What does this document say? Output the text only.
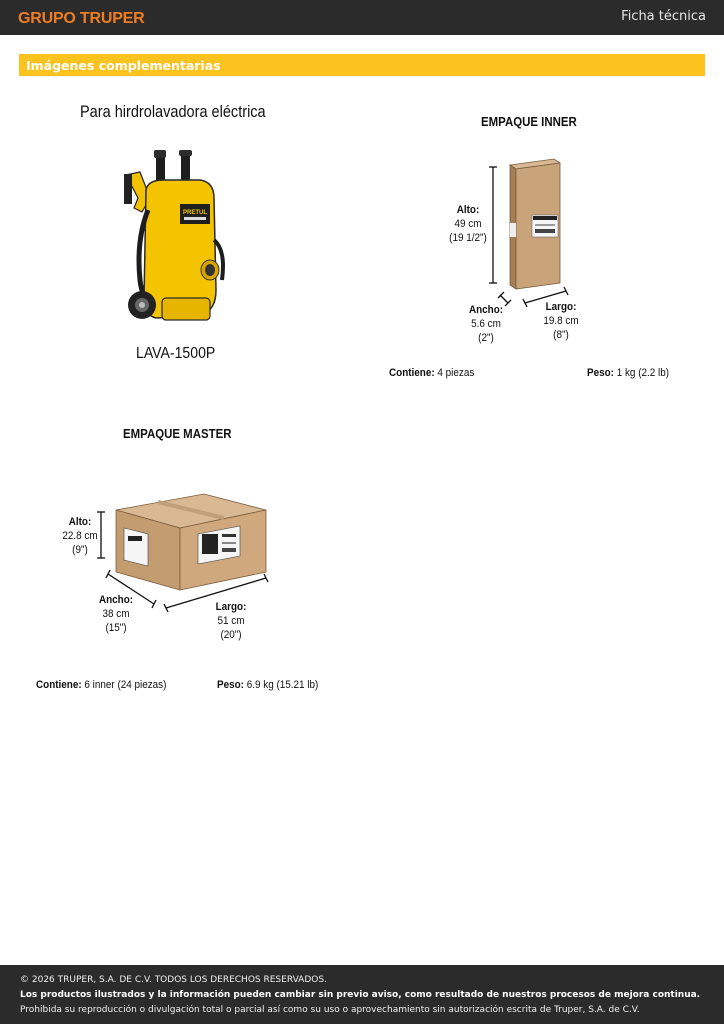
GRUPO TRUPER	Ficha técnica
Imágenes complementarias
Para hirdrolavadora eléctrica
PRETUL
LAVA-1500P
EMPAQUE INNER
Alto:
49 cm
(19 1/2")
Ancho:
5.6 cm
(2")
Largo:
19.8 cm
(8")
Contiene: 4 piezas	Peso: 1 kg (2.2 lb)
EMPAQUE MASTER
Alto:
22.8 cm
(9")
Ancho:
38 cm
(15")
Largo:
51 cm
(20")
Contiene: 6 inner (24 piezas)	Peso: 6.9 kg (15.21 lb)
© 2026 TRUPER, S.A. DE C.V. TODOS LOS DERECHOS RESERVADOS.
Los productos ilustrados y la información pueden cambiar sin previo aviso, como resultado de nuestros procesos de mejora continua.
Prohibida su reproducción o divulgación total o parcial así como su uso o aprovechamiento sin autorización escrita de Truper, S.A. de C.V.
